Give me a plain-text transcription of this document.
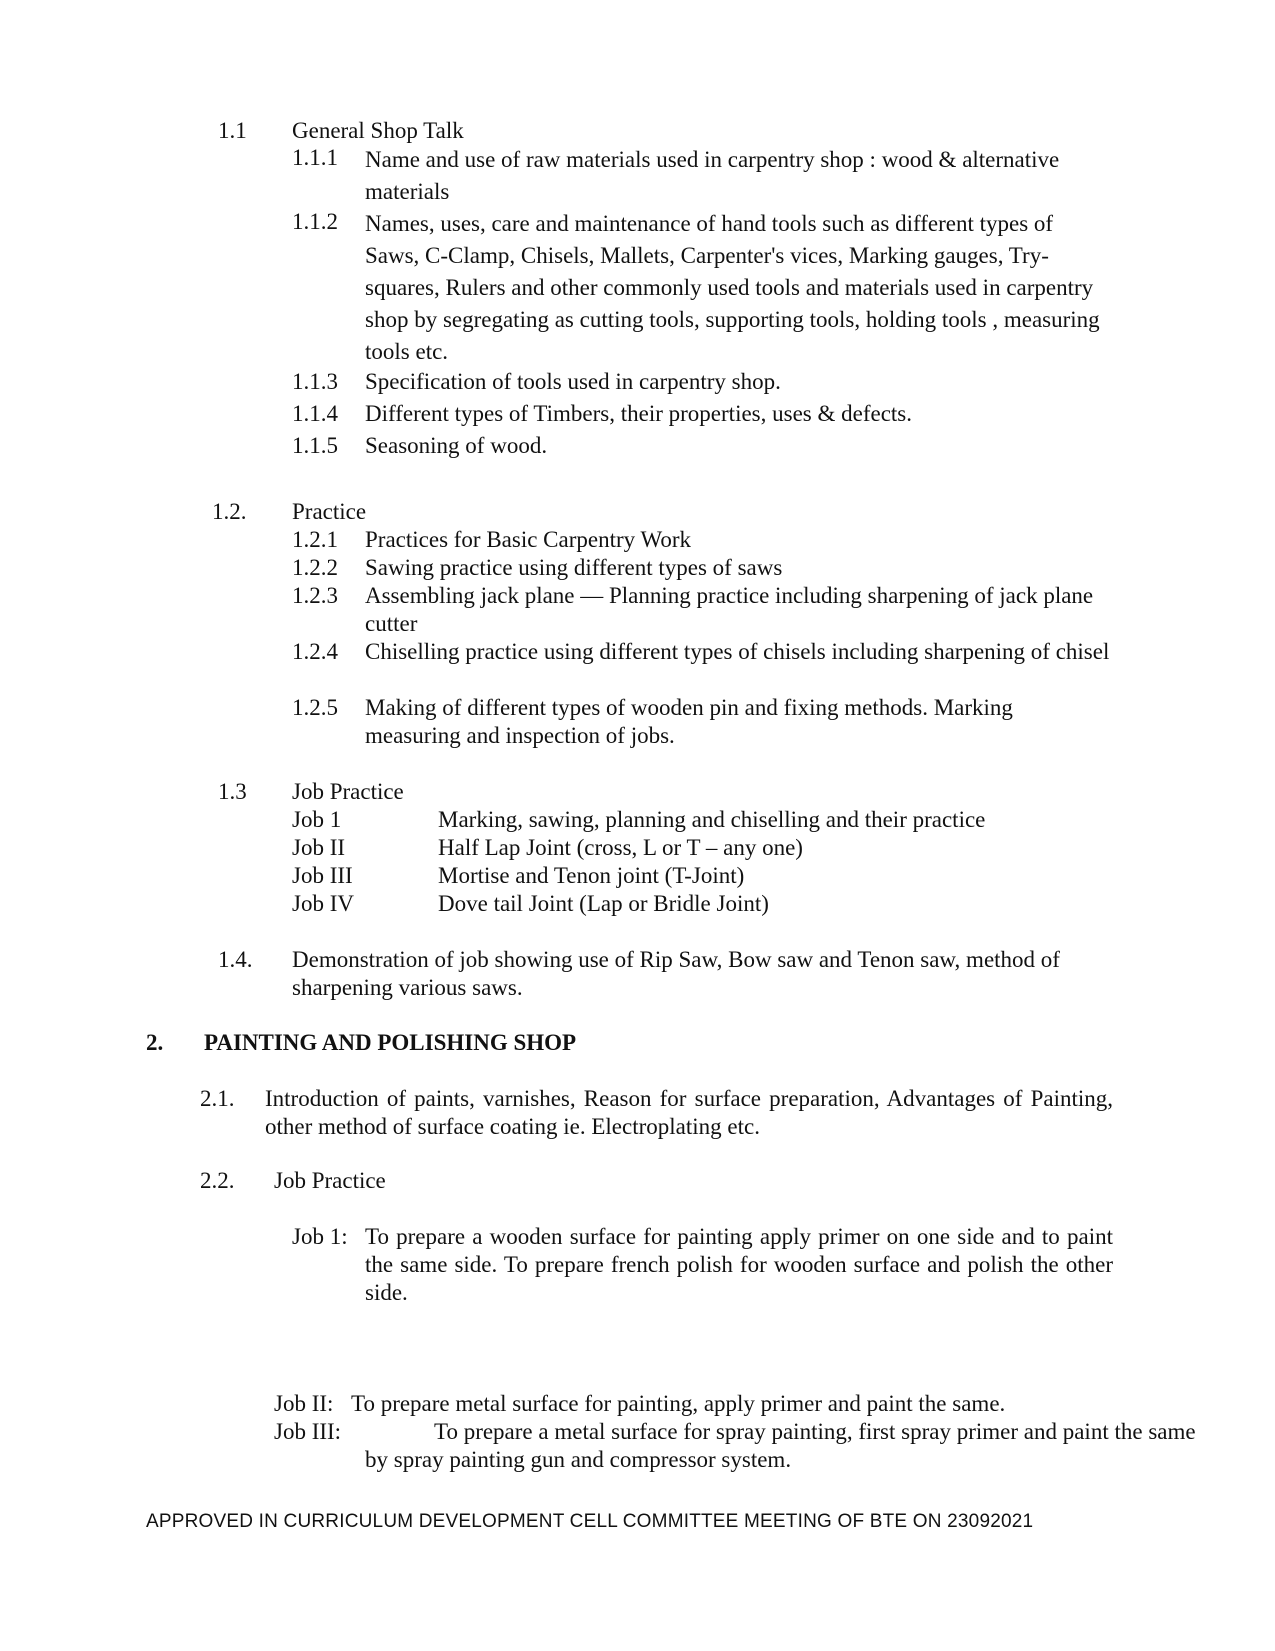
1.1 General Shop Talk
1.1.1 Name and use of raw materials used in carpentry shop : wood & alternative materials
1.1.2 Names, uses, care and maintenance of hand tools such as different types of Saws, C-Clamp, Chisels, Mallets, Carpenter's vices, Marking gauges, Try-squares, Rulers and other commonly used tools and materials used in carpentry shop by segregating as cutting tools, supporting tools, holding tools , measuring tools etc.
1.1.3 Specification of tools used in carpentry shop.
1.1.4 Different types of Timbers, their properties, uses & defects.
1.1.5 Seasoning of wood.
1.2. Practice
1.2.1 Practices for Basic Carpentry Work
1.2.2 Sawing practice using different types of saws
1.2.3 Assembling jack plane — Planning practice including sharpening of jack plane cutter
1.2.4 Chiselling practice using different types of chisels including sharpening of chisel
1.2.5 Making of different types of wooden pin and fixing methods. Marking measuring and inspection of jobs.
1.3 Job Practice
Job 1	Marking, sawing, planning and chiselling and their practice
Job II	Half Lap Joint (cross, L or T – any one)
Job III	Mortise and Tenon joint (T-Joint)
Job IV	Dove tail Joint (Lap or Bridle Joint)
1.4. Demonstration of job showing use of Rip Saw, Bow saw and Tenon saw, method of sharpening various saws.
2. PAINTING AND POLISHING SHOP
2.1. Introduction of paints, varnishes, Reason for surface preparation, Advantages of Painting, other method of surface coating ie. Electroplating etc.
2.2. Job Practice
Job 1: To prepare a wooden surface for painting apply primer on one side and to paint the same side. To prepare french polish for wooden surface and polish the other side.
Job II: To prepare metal surface for painting, apply primer and paint the same.
Job III:	To prepare a metal surface for spray painting, first spray primer and paint the same by spray painting gun and compressor system.
APPROVED IN CURRICULUM DEVELOPMENT CELL COMMITTEE MEETING OF BTE ON 23092021
